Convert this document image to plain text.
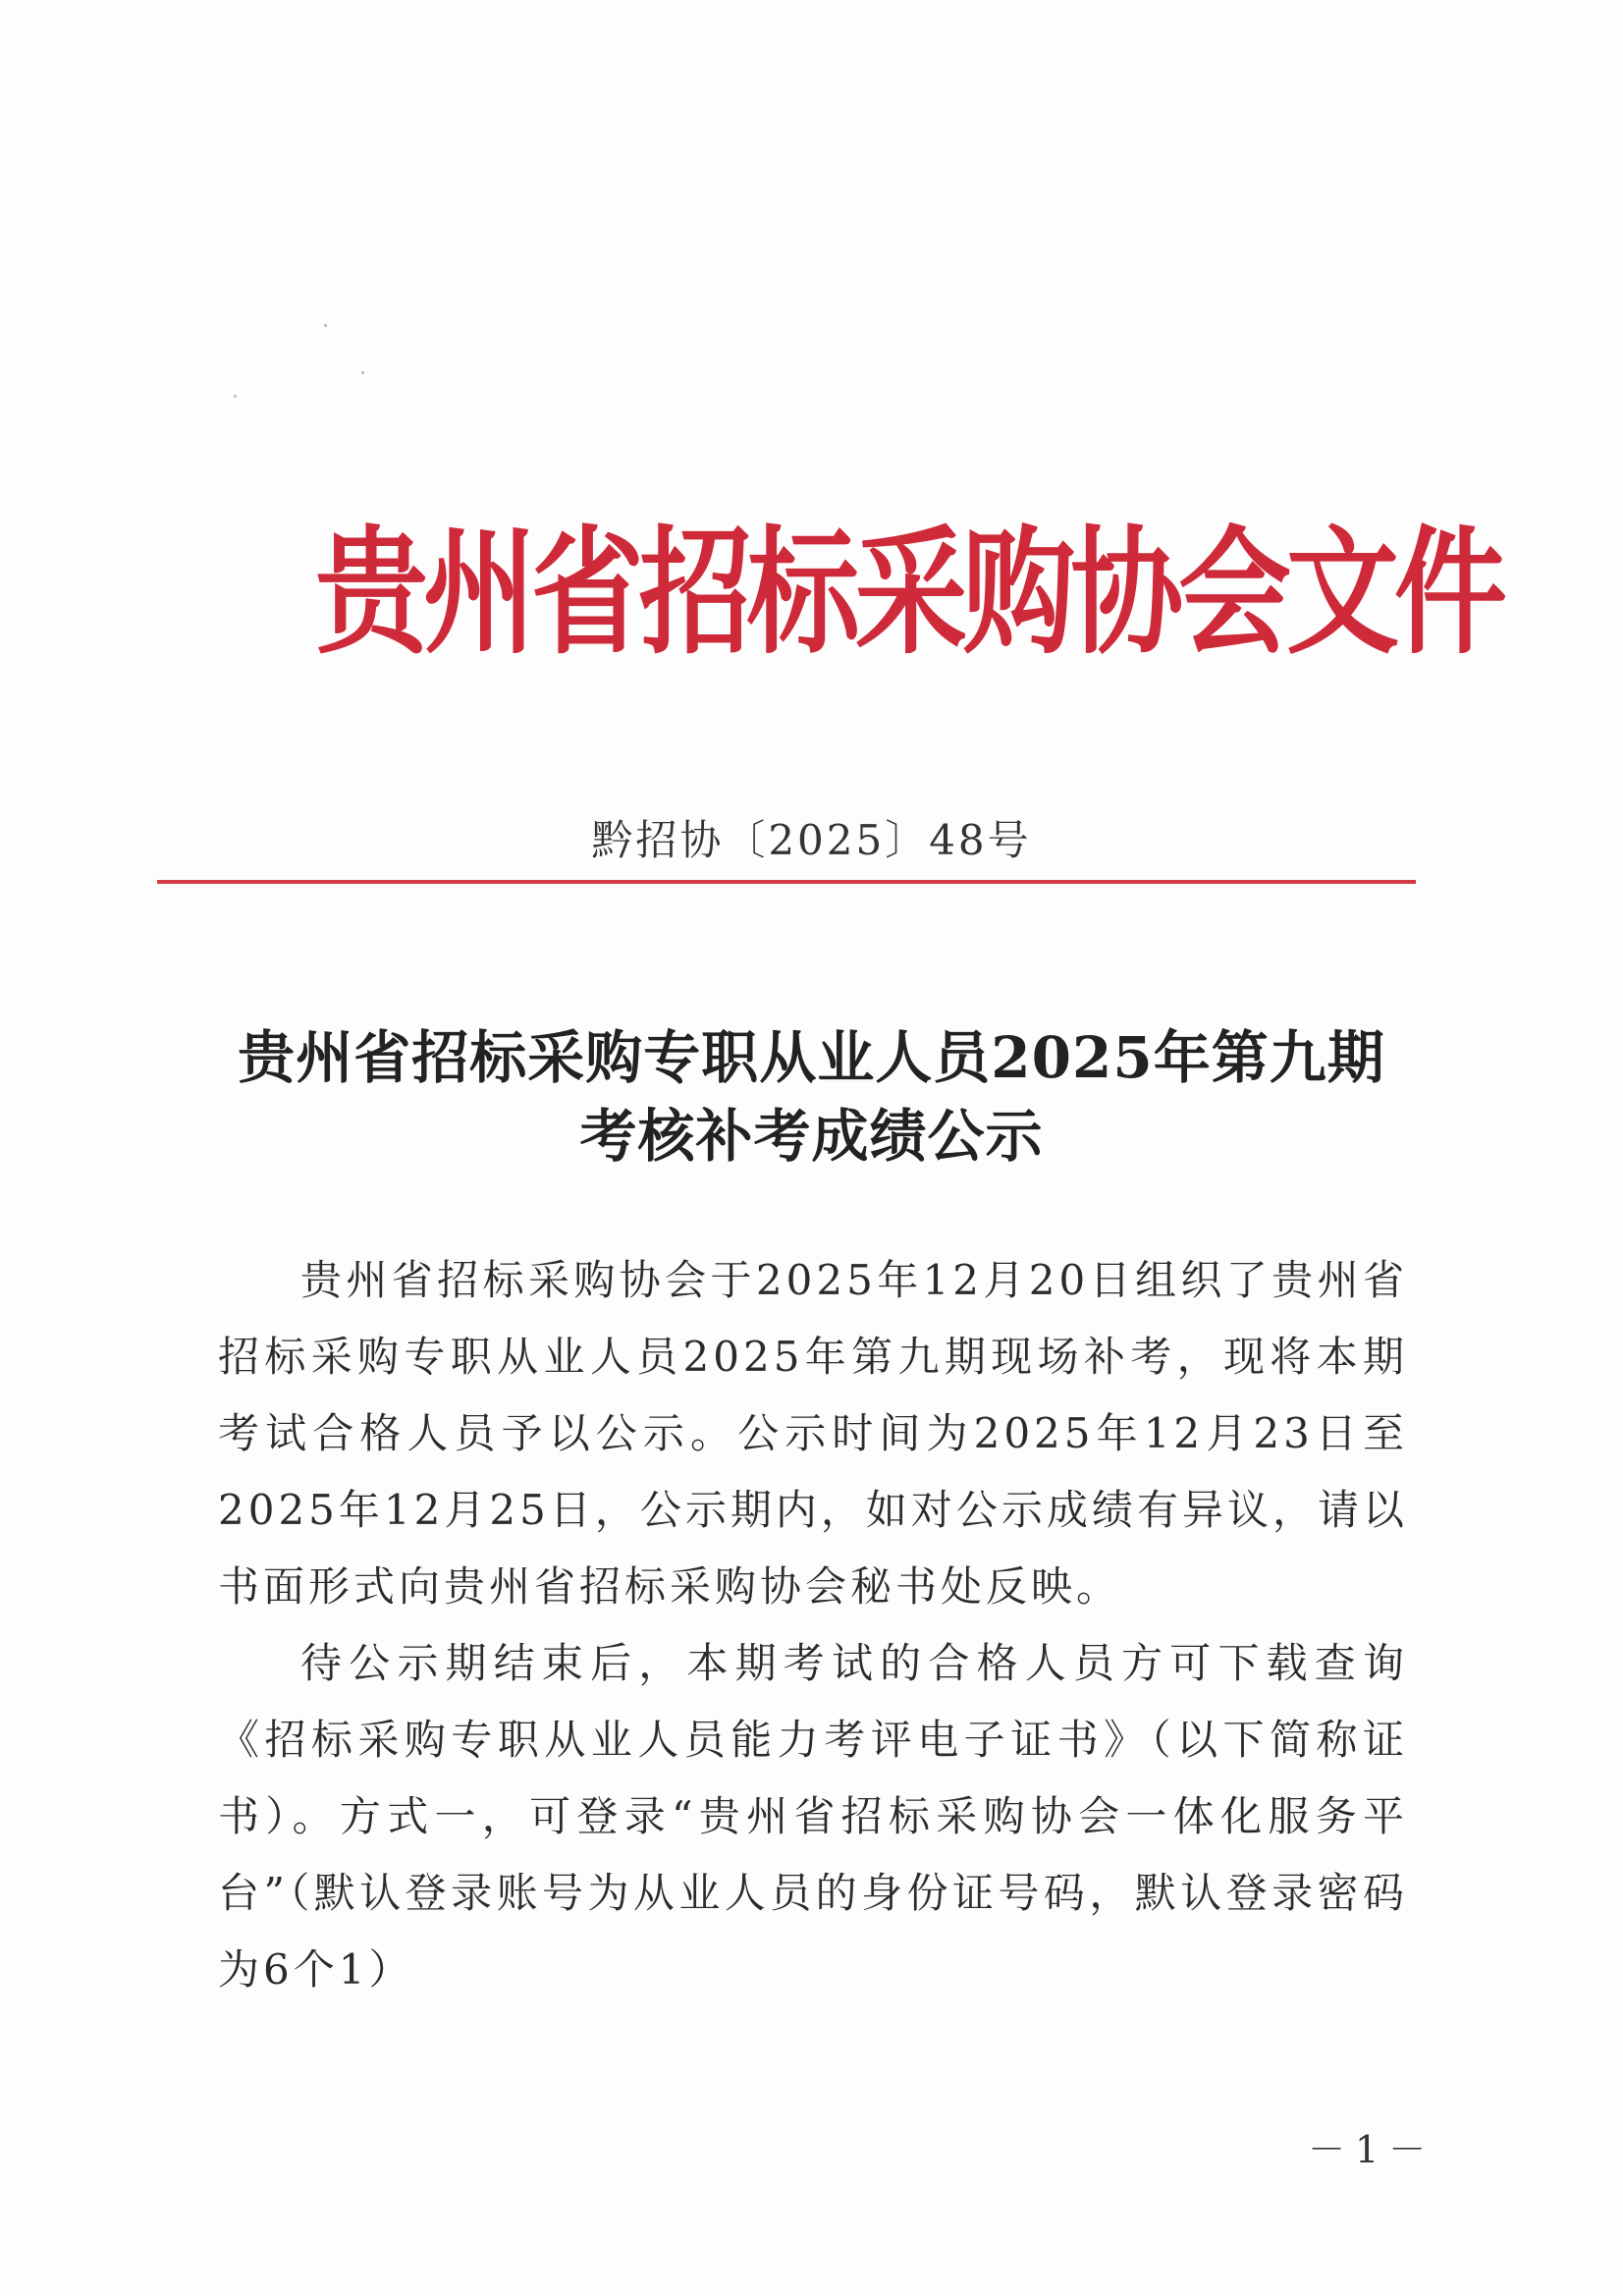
贵州省招标采购协会文件
黔招协〔2025〕48号
贵州省招标采购专职从业人员2025年第九期
考核补考成绩公示

贵州省招标采购协会于2025年12月20日组织了贵州省招标采购专职从业人员2025年第九期现场补考，现将本期考试合格人员予以公示。公示时间为2025年12月23日至2025年12月25日，公示期内，如对公示成绩有异议，请以书面形式向贵州省招标采购协会秘书处反映。

待公示期结束后，本期考试的合格人员方可下载查询《招标采购专职从业人员能力考评电子证书》（以下简称证书）。方式一，可登录“贵州省招标采购协会一体化服务平台”（默认登录账号为从业人员的身份证号码，默认登录密码为6个1）

－1－
